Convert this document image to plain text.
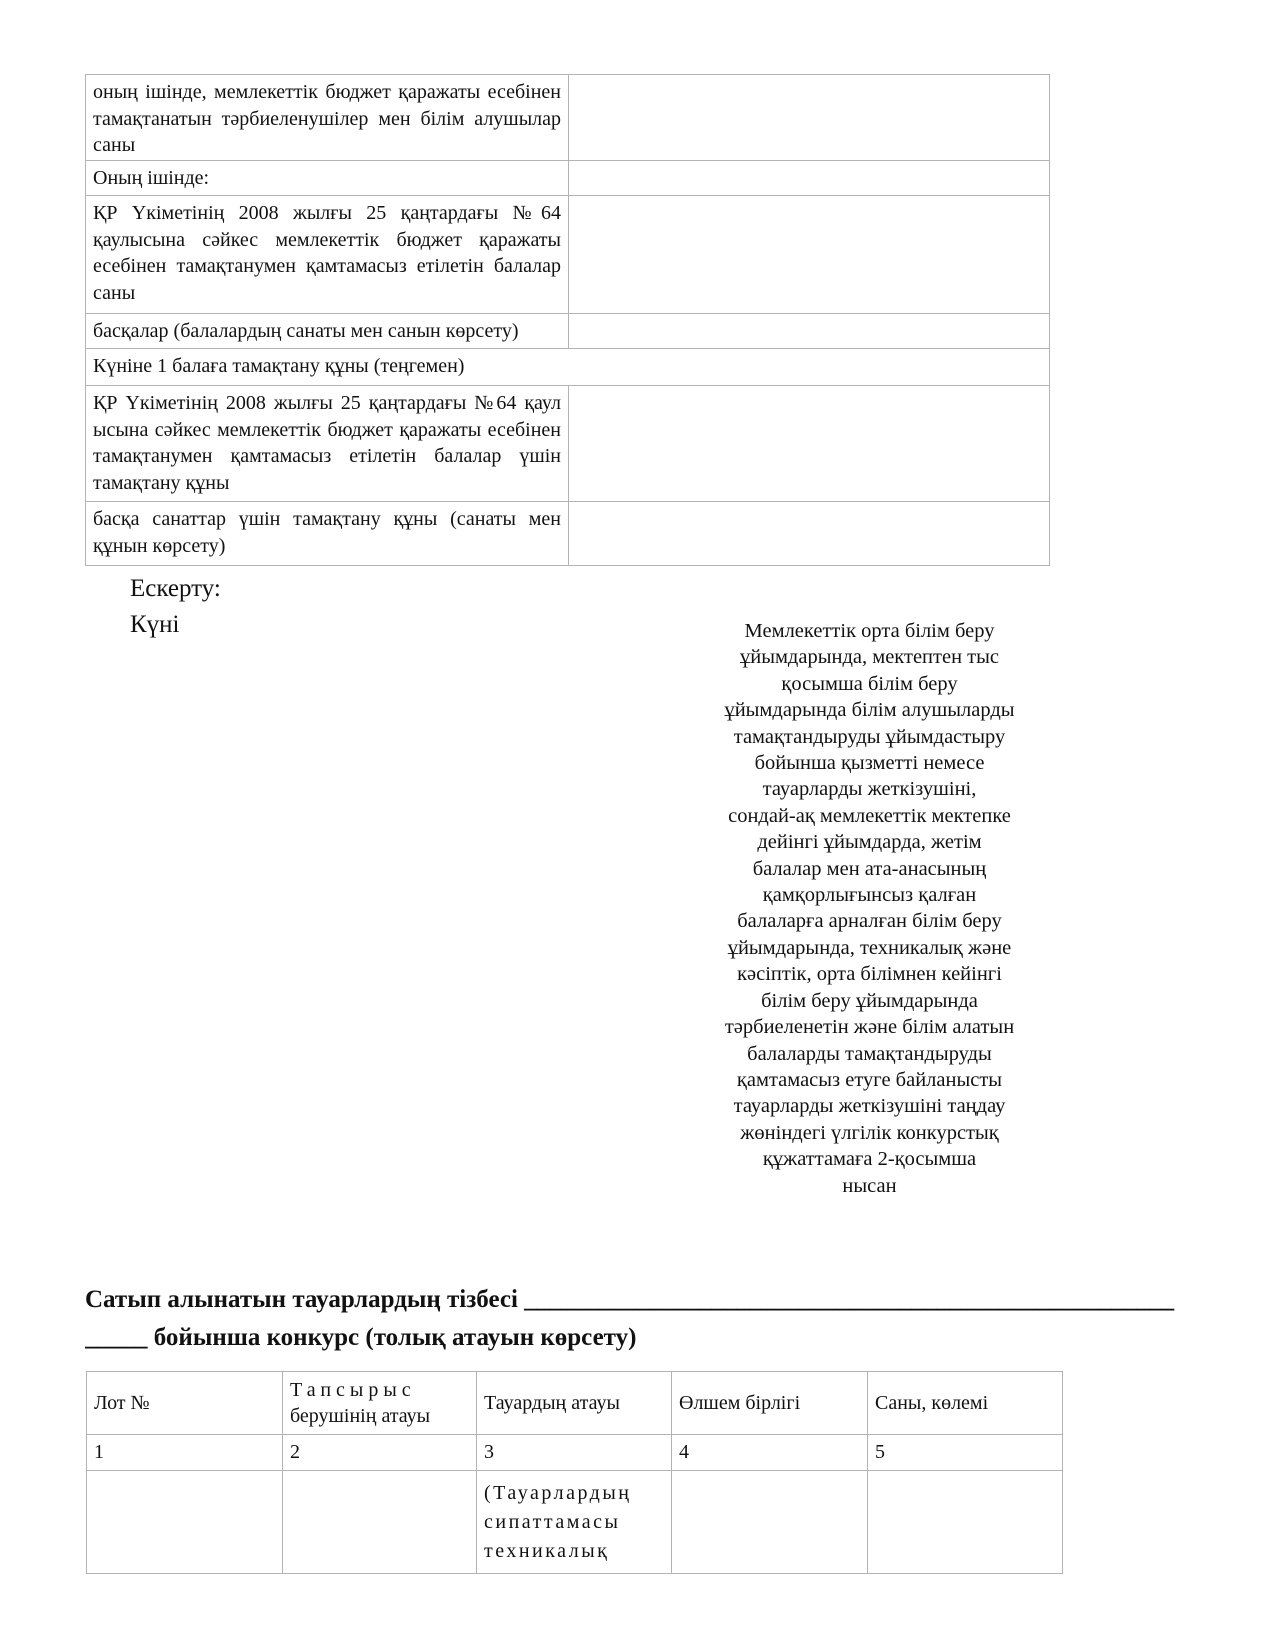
оның ішінде, мемлекеттік бюджет қаражаты есебінен тамақтанатын тәрбиеленушілер мен білім алушылар саны	

Оның ішінде:	

ҚР Үкіметінің 2008 жылғы 25 қаңтардағы №64 қаулысына сәйкес мемлекеттік бюджет қаражаты есебінен тамақтанумен қамтамасыз етілетін балалар саны	

басқалар (балалардың санаты мен санын көрсету)	

Күніне 1 балаға тамақтану құны (теңгемен)	

ҚР Үкіметінің 2008 жылғы 25 қаңтардағы №64 қаул ысына сәйкес мемлекеттік бюджет қаражаты есебінен тамақтанумен қамтамасыз етілетін балалар үшін тамақтану құны	

басқа санаттар үшін тамақтану құны (санаты мен құнын көрсету)	

Ескерту:
Күні	Мемлекеттік орта білім беру
ұйымдарында, мектептен тыс
қосымша білім беру
ұйымдарында білім алушыларды
тамақтандыруды ұйымдастыру
бойынша қызметті немесе
тауарларды жеткізушіні,
сондай-ақ мемлекеттік мектепке
дейінгі ұйымдарда, жетім
балалар мен ата-анасының
қамқорлығынсыз қалған
балаларға арналған білім беру
ұйымдарында, техникалық және
кәсіптік, орта білімнен кейінгі
білім беру ұйымдарында
тәрбиеленетін және білім алатын
балаларды тамақтандыруды
қамтамасыз етуге байланысты
тауарларды жеткізушіні таңдау
жөніндегі үлгілік конкурстық
құжаттамаға 2-қосымша
нысан
Сатып алынатын тауарлардың тізбесі ____________________________________________________
_____ бойынша конкурс (толық атауын көрсету)
Лот №	Тапсырыс берушінің атауы	Тауардың атауы	Өлшем бірлігі	Саны, көлемі
1	2	3	4	5

		(Тауарлардың сипаттамасы техникалық		
